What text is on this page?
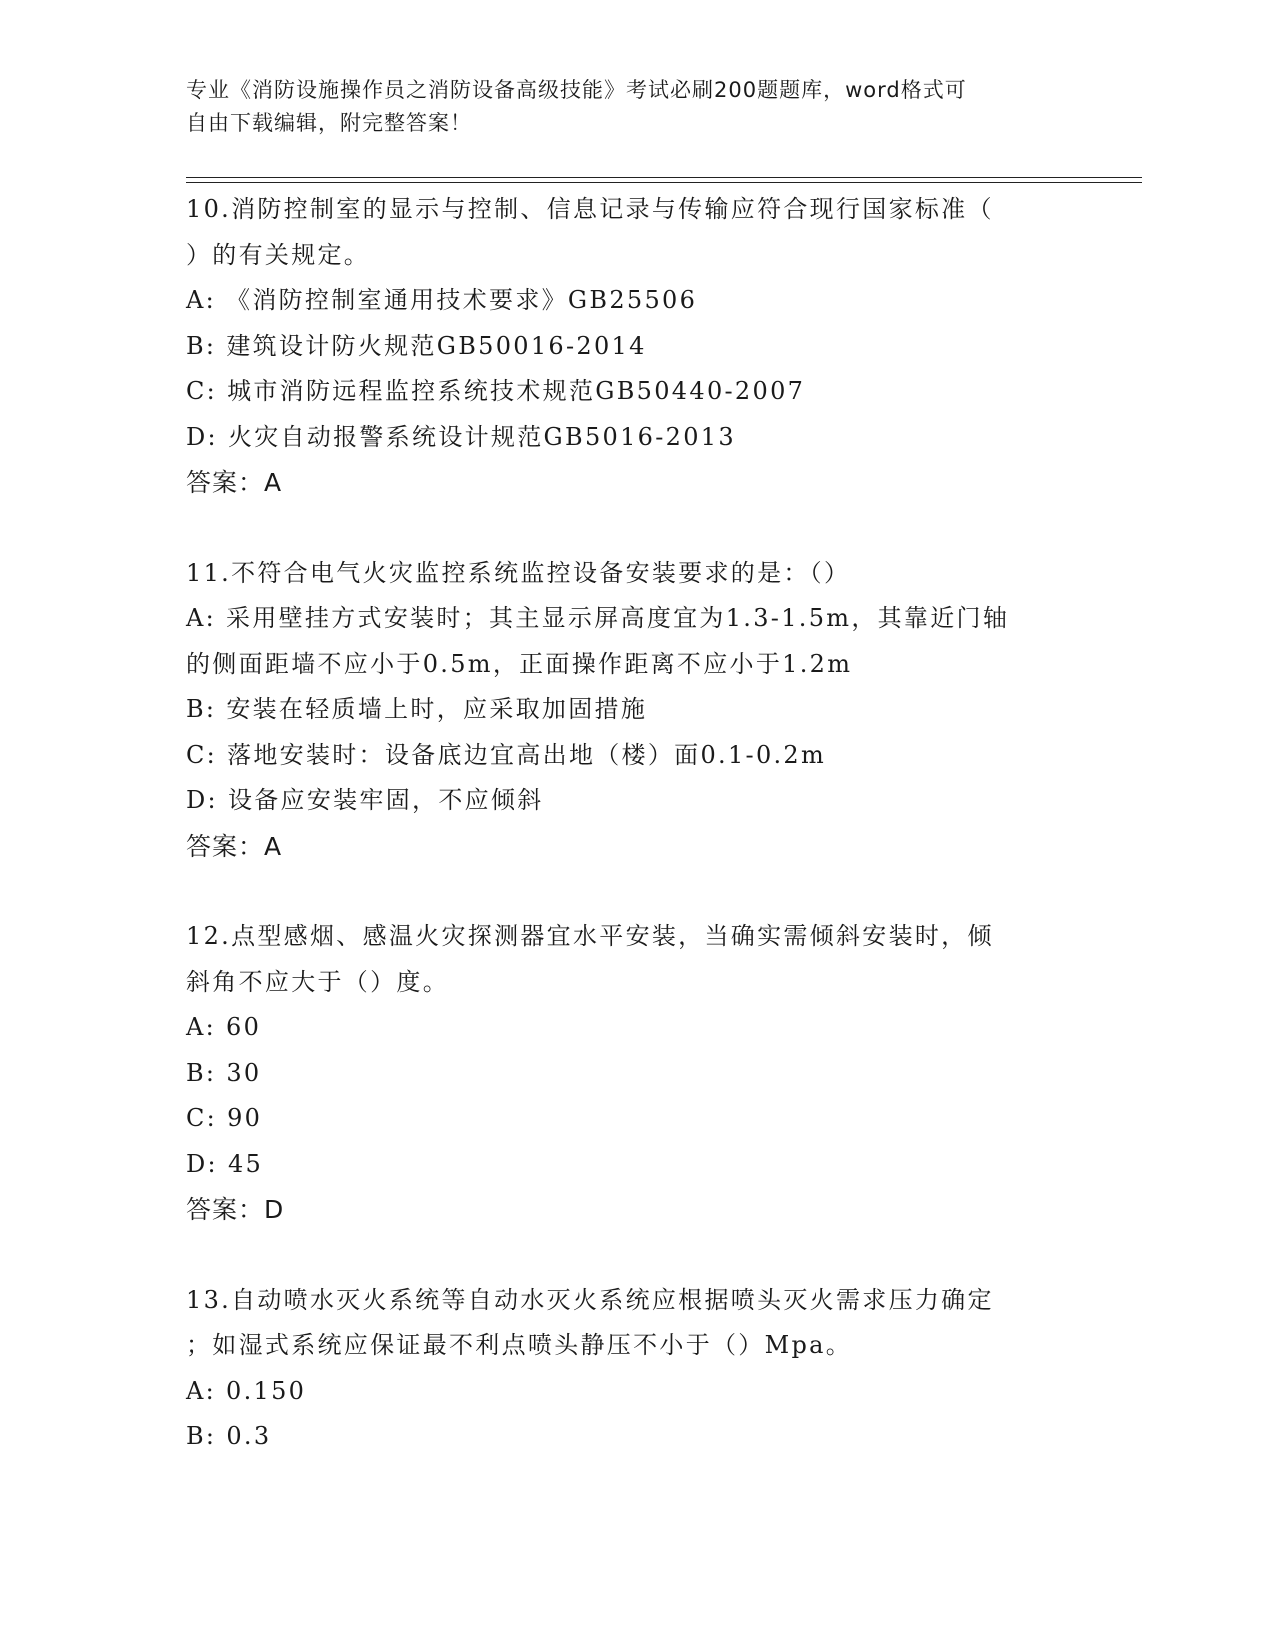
专业《消防设施操作员之消防设备高级技能》考试必刷200题题库，word格式可
自由下载编辑，附完整答案！
10.消防控制室的显示与控制、信息记录与传输应符合现行国家标准（
）的有关规定。
A: 《消防控制室通用技术要求》GB25506
B: 建筑设计防火规范GB50016-2014
C: 城市消防远程监控系统技术规范GB50440-2007
D: 火灾自动报警系统设计规范GB5016-2013
答案：A
11.不符合电气火灾监控系统监控设备安装要求的是：（）
A: 采用壁挂方式安装时；其主显示屏高度宜为1.3-1.5m，其靠近门轴
的侧面距墙不应小于0.5m，正面操作距离不应小于1.2m
B: 安装在轻质墙上时，应采取加固措施
C: 落地安装时：设备底边宜高出地（楼）面0.1-0.2m
D: 设备应安装牢固，不应倾斜
答案：A
12.点型感烟、感温火灾探测器宜水平安装，当确实需倾斜安装时，倾
斜角不应大于（）度。
A: 60
B: 30
C: 90
D: 45
答案：D
13.自动喷水灭火系统等自动水灭火系统应根据喷头灭火需求压力确定
；如湿式系统应保证最不利点喷头静压不小于（）Mpa。
A: 0.150
B: 0.3
